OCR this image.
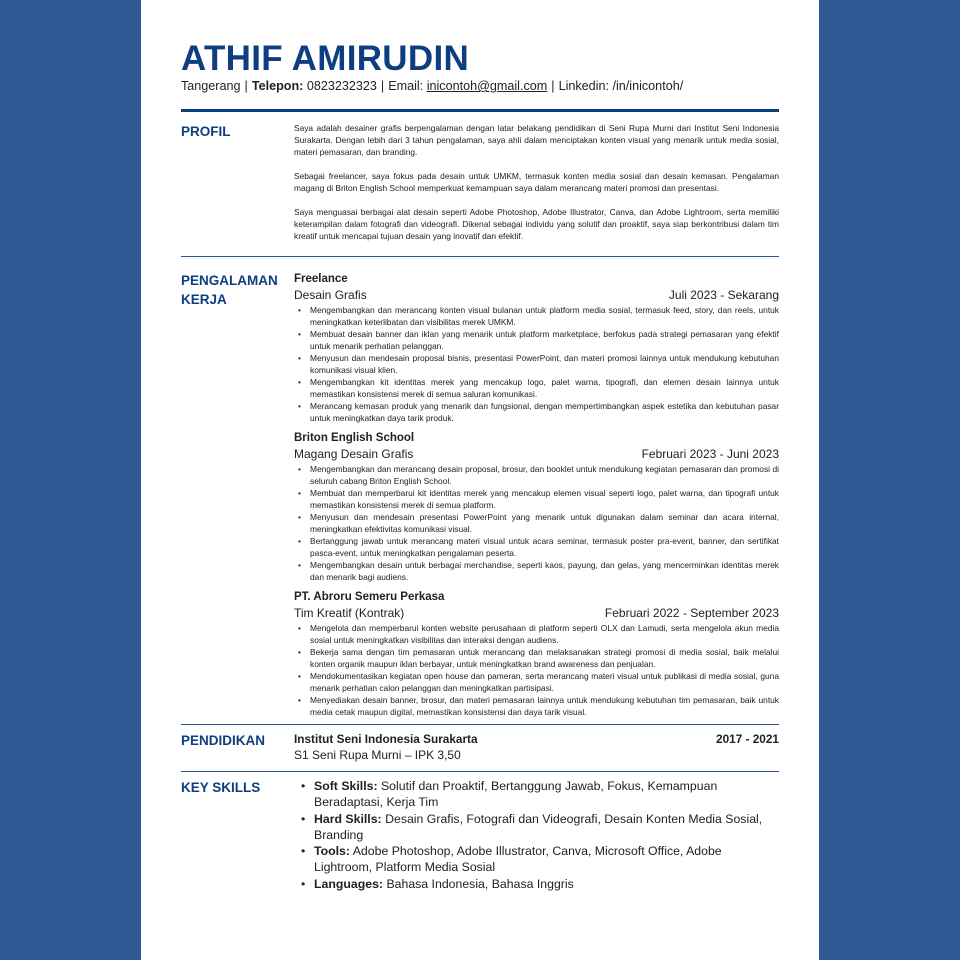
ATHIF AMIRUDIN
Tangerang | Telepon: 0823232323 | Email: inicontoh@gmail.com | Linkedin: /in/inicontoh/
PROFIL	Saya adalah desainer grafis berpengalaman dengan latar belakang pendidikan di Seni Rupa Murni dari Institut Seni Indonesia Surakarta. Dengan lebih dari 3 tahun pengalaman, saya ahli dalam menciptakan konten visual yang menarik untuk media sosial, materi pemasaran, dan branding.

Sebagai freelancer, saya fokus pada desain untuk UMKM, termasuk konten media sosial dan desain kemasan. Pengalaman magang di Briton English School memperkuat kemampuan saya dalam merancang materi promosi dan presentasi.

Saya menguasai berbagai alat desain seperti Adobe Photoshop, Adobe Illustrator, Canva, dan Adobe Lightroom, serta memiliki keterampilan dalam fotografi dan videografi. Dikenal sebagai individu yang solutif dan proaktif, saya siap berkontribusi dalam tim kreatif untuk mencapai tujuan desain yang inovatif dan efektif.

PENGALAMAN
KERJA
Freelance
Desain Grafis	Juli 2023 - Sekarang
• Mengembangkan dan merancang konten visual bulanan untuk platform media sosial, termasuk feed, story, dan reels, untuk meningkatkan keterlibatan dan visibilitas merek UMKM.
• Membuat desain banner dan iklan yang menarik untuk platform marketplace, berfokus pada strategi pemasaran yang efektif untuk menarik perhatian pelanggan.
• Menyusun dan mendesain proposal bisnis, presentasi PowerPoint, dan materi promosi lainnya untuk mendukung kebutuhan komunikasi visual klien.
• Mengembangkan kit identitas merek yang mencakup logo, palet warna, tipografi, dan elemen desain lainnya untuk memastikan konsistensi merek di semua saluran komunikasi.
• Merancang kemasan produk yang menarik dan fungsional, dengan mempertimbangkan aspek estetika dan kebutuhan pasar untuk meningkatkan daya tarik produk.
Briton English School
Magang Desain Grafis	Februari 2023 - Juni 2023
• Mengembangkan dan merancang desain proposal, brosur, dan booklet untuk mendukung kegiatan pemasaran dan promosi di seluruh cabang Briton English School.
• Membuat dan memperbarui kit identitas merek yang mencakup elemen visual seperti logo, palet warna, dan tipografi untuk memastikan konsistensi merek di semua platform.
• Menyusun dan mendesain presentasi PowerPoint yang menarik untuk digunakan dalam seminar dan acara internal, meningkatkan efektivitas komunikasi visual.
• Bertanggung jawab untuk merancang materi visual untuk acara seminar, termasuk poster pra-event, banner, dan sertifikat pasca-event, untuk meningkatkan pengalaman peserta.
• Mengembangkan desain untuk berbagai merchandise, seperti kaos, payung, dan gelas, yang mencerminkan identitas merek dan menarik bagi audiens.
PT. Abroru Semeru Perkasa
Tim Kreatif (Kontrak)	Februari 2022 - September 2023
• Mengelola dan memperbarui konten website perusahaan di platform seperti OLX dan Lamudi, serta mengelola akun media sosial untuk meningkatkan visibilitas dan interaksi dengan audiens.
• Bekerja sama dengan tim pemasaran untuk merancang dan melaksanakan strategi promosi di media sosial, baik melalui konten organik maupun iklan berbayar, untuk meningkatkan brand awareness dan penjualan.
• Mendokumentasikan kegiatan open house dan pameran, serta merancang materi visual untuk publikasi di media sosial, guna menarik perhatian calon pelanggan dan meningkatkan partisipasi.
• Menyediakan desain banner, brosur, dan materi pemasaran lainnya untuk mendukung kebutuhan tim pemasaran, baik untuk media cetak maupun digital, memastikan konsistensi dan daya tarik visual.
PENDIDIKAN	Institut Seni Indonesia Surakarta	2017 - 2021
S1 Seni Rupa Murni – IPK 3,50
KEY SKILLS	• Soft Skills: Solutif dan Proaktif, Bertanggung Jawab, Fokus, Kemampuan Beradaptasi, Kerja Tim
• Hard Skills: Desain Grafis, Fotografi dan Videografi, Desain Konten Media Sosial, Branding
• Tools: Adobe Photoshop, Adobe Illustrator, Canva, Microsoft Office, Adobe Lightroom, Platform Media Sosial
• Languages: Bahasa Indonesia, Bahasa Inggris
